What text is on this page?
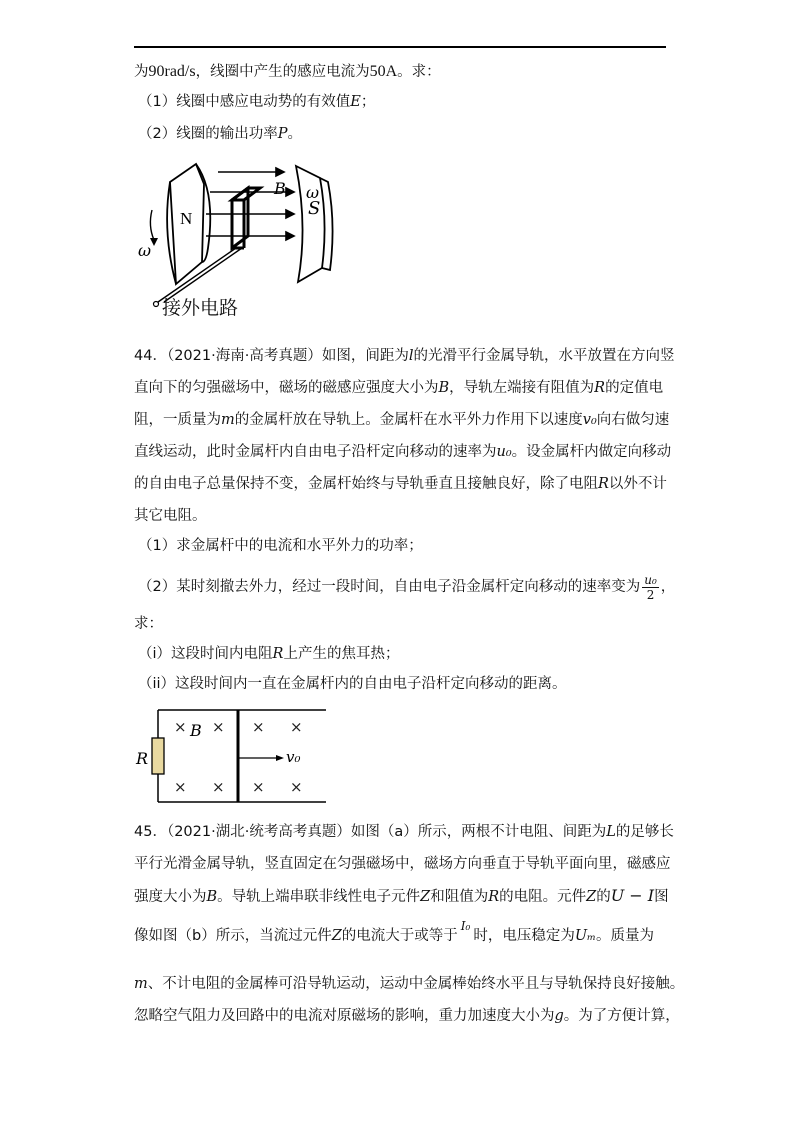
为90rad/s，线圈中产生的感应电流为50A。求：
（1）线圈中感应电动势的有效值E；
（2）线圈的输出功率P。
N
ω
S
B
ω
接外电路
44．（2021·海南·高考真题）如图，间距为l的光滑平行金属导轨，水平放置在方向竖
直向下的匀强磁场中，磁场的磁感应强度大小为B，导轨左端接有阻值为R的定值电
阻，一质量为m的金属杆放在导轨上。金属杆在水平外力作用下以速度v₀向右做匀速
直线运动，此时金属杆内自由电子沿杆定向移动的速率为u₀。设金属杆内做定向移动
的自由电子总量保持不变，金属杆始终与导轨垂直且接触良好，除了电阻R以外不计
其它电阻。
（1）求金属杆中的电流和水平外力的功率；
（2）某时刻撤去外力，经过一段时间，自由电子沿金属杆定向移动的速率变为 $\frac{\text{u₀}}{2}$ ，
求：
（i）这段时间内电阻R上产生的焦耳热；
（ii）这段时间内一直在金属杆内的自由电子沿杆定向移动的距离。
× × × ×
× × × ×
B
R	v₀
45．（2021·湖北·统考高考真题）如图（a）所示，两根不计电阻、间距为L的足够长
平行光滑金属导轨，竖直固定在匀强磁场中，磁场方向垂直于导轨平面向里，磁感应
强度大小为B。导轨上端串联非线性电子元件Z和阻值为R的电阻。元件Z的U − I图
像如图（b）所示，当流过元件Z的电流大于或等于$^{I_0}$时，电压稳定为Uₘ。质量为
m、不计电阻的金属棒可沿导轨运动，运动中金属棒始终水平且与导轨保持良好接触。
忽略空气阻力及回路中的电流对原磁场的影响，重力加速度大小为g。为了方便计算，
